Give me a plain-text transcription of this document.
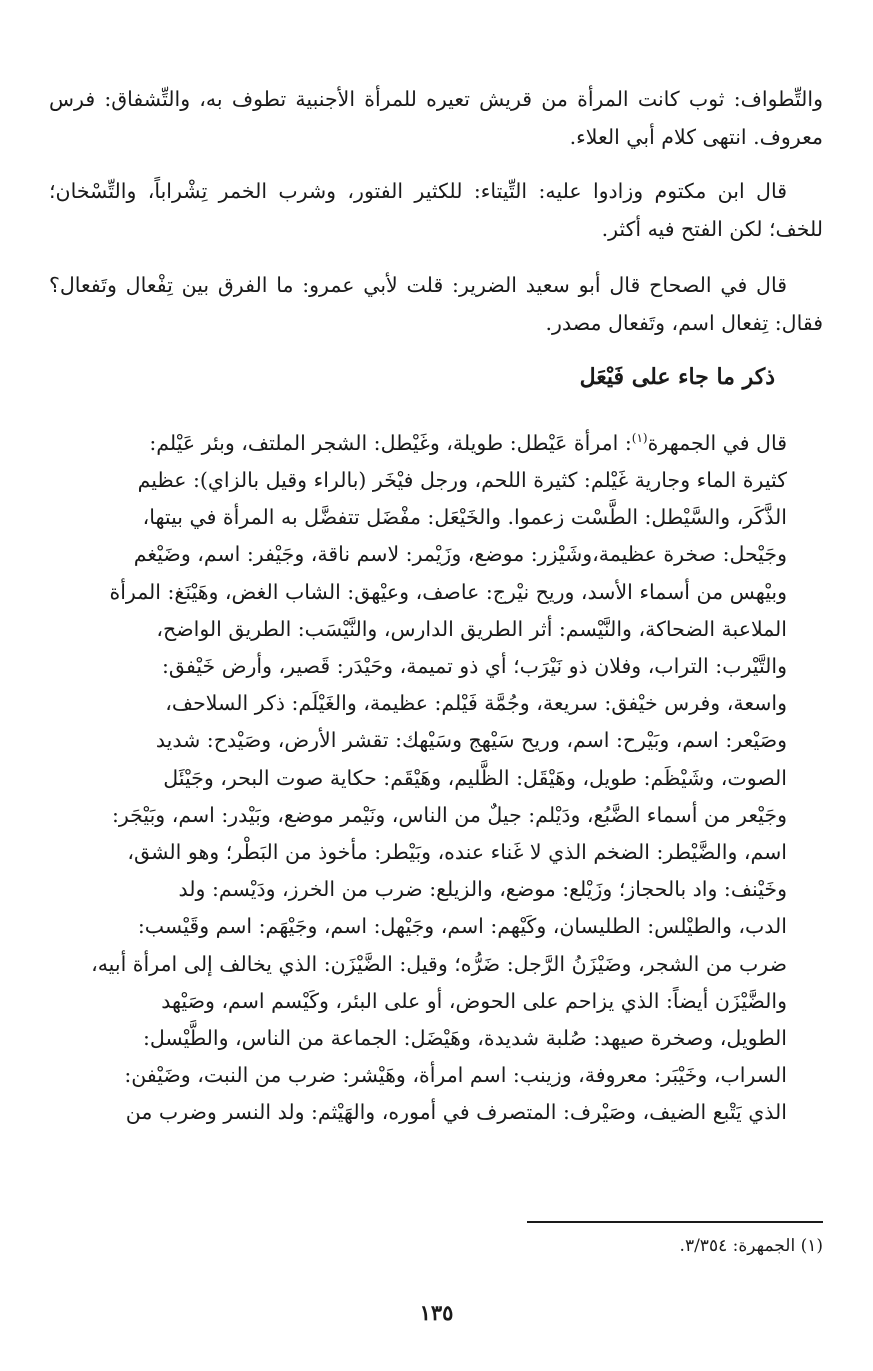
والتِّطواف: ثوب كانت المرأة من قريش تعيره للمرأة الأجنبية تطوف به، والتِّشفاق: فرس معروف. انتهى كلام أبي العلاء.
قال ابن مكتوم وزادوا عليه: التِّيتاء: للكثير الفتور، وشرب الخمر تِشْراباً، والتِّسْخان؛ للخف؛ لكن الفتح فيه أكثر.
قال في الصحاح قال أبو سعيد الضرير: قلت لأبي عمرو: ما الفرق بين تِفْعال وتَفعال؟ فقال: تِفعال اسم، وتَفعال مصدر.
ذكر ما جاء على فَيْعَل
قال في الجمهرة$^{(١)}$: امرأة عَيْطل: طويلة، وغَيْطل: الشجر الملتف، وبئر عَيْلم:
كثيرة الماء وجارية غَيْلم: كثيرة اللحم، ورجل فيْخَر (بالراء وقيل بالزاي): عظيم
الذَّكَر، والسَّيْطل: الطَّسْت زعموا. والخَيْعَل: مفْضَل تتفضَّل به المرأة في بيتها،
وجَيْحل: صخرة عظيمة،وشَيْزر: موضع، وزَيْمر: لاسم ناقة، وجَيْفر: اسم، وضَيْغم
وبيْهس من أسماء الأسد، وريح نيْرج: عاصف، وعيْهق: الشاب الغض، وهَيْنَغ: المرأة
الملاعبة الضحاكة، والنَّيْسم: أثر الطريق الدارس، والنَّيْسَب: الطريق الواضح،
والتَّيْرب: التراب، وفلان ذو نَيْرَب؛ أي ذو تميمة، وحَيْدَر: قَصير، وأرض خَيْفق:
واسعة، وفرس خيْفق: سريعة، وجُمَّة فَيْلم: عظيمة، والغَيْلَم: ذكر السلاحف،
وصَيْعر: اسم، وبَيْرح: اسم، وريح سَيْهج وسَيْهك: تقشر الأرض، وصَيْدح: شديد
الصوت، وشَيْظَم: طويل، وهَيْقَل: الظَّليم، وهَيْقَم: حكاية صوت البحر، وجَيْئَل
وجَيْعر من أسماء الضَّبُع، ودَيْلم: جيلٌ من الناس، ونَيْمر موضع، وبَيْدر: اسم، وبَيْجَر:
اسم، والضَّيْطر: الضخم الذي لا غَناء عنده، وبَيْطر: مأخوذ من البَطْر؛ وهو الشق،
وخَيْنف: واد بالحجاز؛ وزَيْلع: موضع، والزيلع: ضرب من الخرز، ودَيْسم: ولد
الدب، والطيْلس: الطليسان، وكَيْهم: اسم، وجَيْهل: اسم، وجَيْهَم: اسم وقَيْسب:
ضرب من الشجر، وضَيْزَنُ الرَّجل: ضَرُّه؛ وقيل: الضَّيْزَن: الذي يخالف إلى امرأة أبيه،
والضَّيْزَن أيضاً: الذي يزاحم على الحوض، أو على البئر، وكَيْسم اسم، وصَيْهد
الطويل، وصخرة صيهد: صُلبة شديدة، وهَيْضَل: الجماعة من الناس، والطَّيْسل:
السراب، وخَيْبَر: معروفة، وزينب: اسم امرأة، وهَيْشر: ضرب من النبت، وضَيْفن:
الذي يَتْبع الضيف، وصَيْرف: المتصرف في أموره، والهَيْثم: ولد النسر وضرب من
(١) الجمهرة: ٣/٣٥٤.
١٣٥
